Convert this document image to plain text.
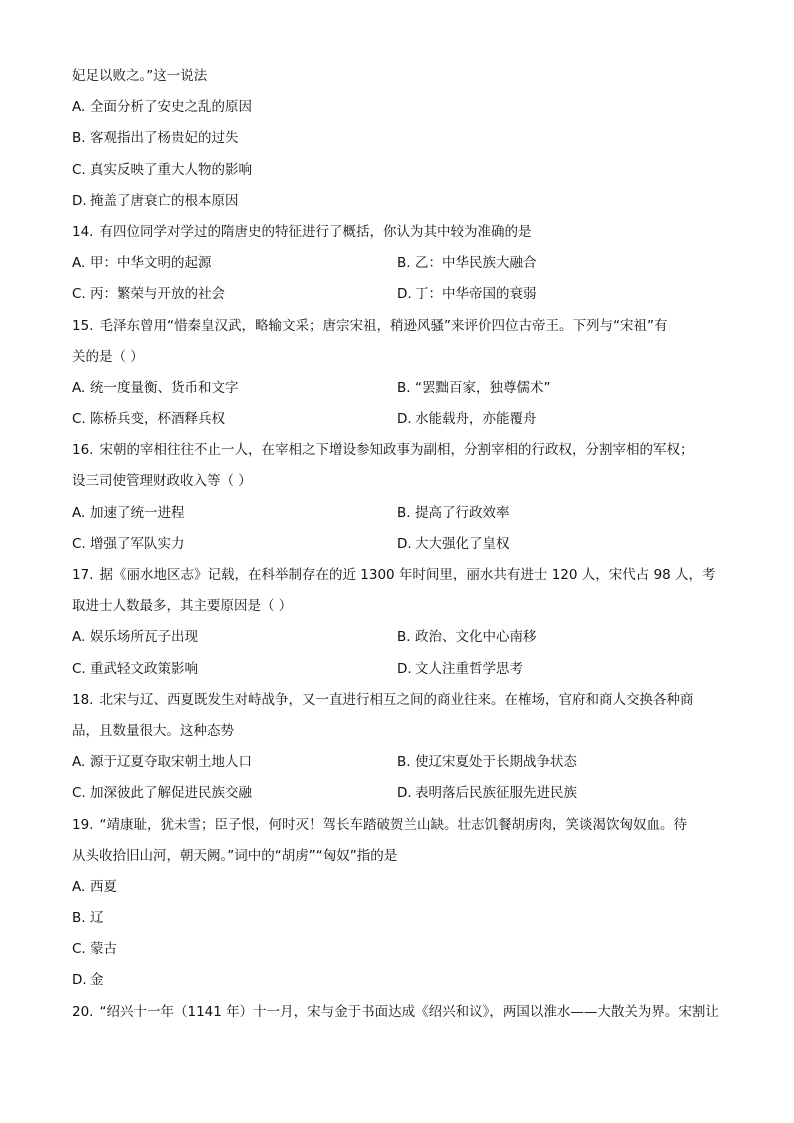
妃足以败之。”这一说法
A. 全面分析了安史之乱的原因
B. 客观指出了杨贵妃的过失
C. 真实反映了重大人物的影响
D. 掩盖了唐衰亡的根本原因
14. 有四位同学对学过的隋唐史的特征进行了概括，你认为其中较为准确的是
A. 甲：中华文明的起源	B. 乙：中华民族大融合
C. 丙：繁荣与开放的社会	D. 丁：中华帝国的衰弱
15. 毛泽东曾用“惜秦皇汉武，略输文采；唐宗宋祖，稍逊风骚”来评价四位古帝王。下列与“宋祖”有
关的是（ ）
A. 统一度量衡、货币和文字	B. “罢黜百家，独尊儒术”
C. 陈桥兵变，杯酒释兵权	D. 水能载舟，亦能覆舟
16. 宋朝的宰相往往不止一人，在宰相之下增设参知政事为副相，分割宰相的行政权，分割宰相的军权；
设三司使管理财政收入等（ ）
A. 加速了统一进程	B. 提高了行政效率
C. 增强了军队实力	D. 大大强化了皇权
17. 据《丽水地区志》记载，在科举制存在的近 1300 年时间里，丽水共有进士 120 人，宋代占 98 人，考
取进士人数最多，其主要原因是（ ）
A. 娱乐场所瓦子出现	B. 政治、文化中心南移
C. 重武轻文政策影响	D. 文人注重哲学思考
18. 北宋与辽、西夏既发生对峙战争，又一直进行相互之间的商业往来。在榷场，官府和商人交换各种商
品，且数量很大。这种态势
A. 源于辽夏夺取宋朝土地人口	B. 使辽宋夏处于长期战争状态
C. 加深彼此了解促进民族交融	D. 表明落后民族征服先进民族
19. “靖康耻，犹未雪；臣子恨，何时灭！驾长车踏破贺兰山缺。壮志饥餐胡虏肉，笑谈渴饮匈奴血。待
从头收拾旧山河，朝天阙。”词中的“胡虏”“匈奴”指的是
A. 西夏
B. 辽
C. 蒙古
D. 金
20. “绍兴十一年（1141 年）十一月，宋与金于书面达成《绍兴和议》，两国以淮水——大散关为界。宋割让
